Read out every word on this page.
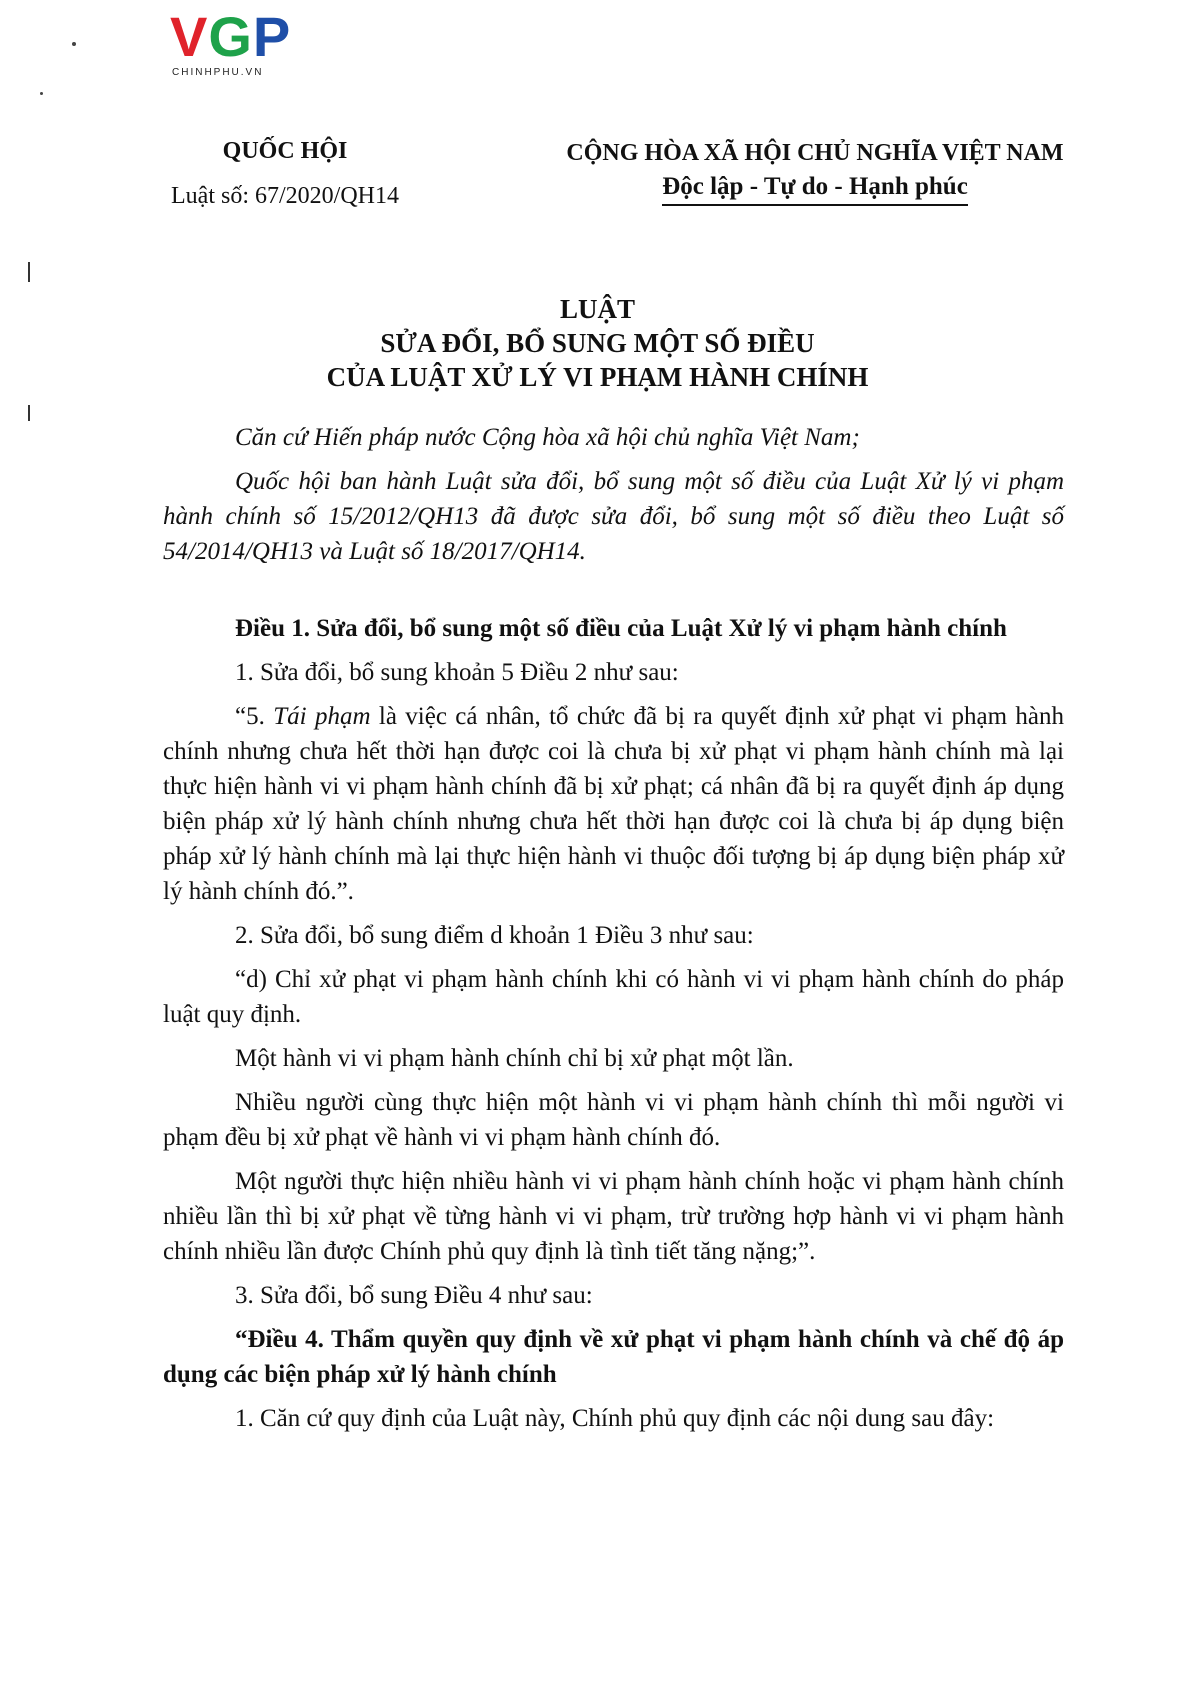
VGP
CHINHPHU.VN
QUỐC HỘI
Luật số: 67/2020/QH14
CỘNG HÒA XÃ HỘI CHỦ NGHĨA VIỆT NAM
Độc lập - Tự do - Hạnh phúc
LUẬT
SỬA ĐỔI, BỔ SUNG MỘT SỐ ĐIỀU
CỦA LUẬT XỬ LÝ VI PHẠM HÀNH CHÍNH

Căn cứ Hiến pháp nước Cộng hòa xã hội chủ nghĩa Việt Nam;

Quốc hội ban hành Luật sửa đổi, bổ sung một số điều của Luật Xử lý vi phạm hành chính số 15/2012/QH13 đã được sửa đổi, bổ sung một số điều theo Luật số 54/2014/QH13 và Luật số 18/2017/QH14.

Điều 1. Sửa đổi, bổ sung một số điều của Luật Xử lý vi phạm hành chính

1. Sửa đổi, bổ sung khoản 5 Điều 2 như sau:

“5. Tái phạm là việc cá nhân, tổ chức đã bị ra quyết định xử phạt vi phạm hành chính nhưng chưa hết thời hạn được coi là chưa bị xử phạt vi phạm hành chính mà lại thực hiện hành vi vi phạm hành chính đã bị xử phạt; cá nhân đã bị ra quyết định áp dụng biện pháp xử lý hành chính nhưng chưa hết thời hạn được coi là chưa bị áp dụng biện pháp xử lý hành chính mà lại thực hiện hành vi thuộc đối tượng bị áp dụng biện pháp xử lý hành chính đó.”.

2. Sửa đổi, bổ sung điểm d khoản 1 Điều 3 như sau:

“d) Chỉ xử phạt vi phạm hành chính khi có hành vi vi phạm hành chính do pháp luật quy định.

Một hành vi vi phạm hành chính chỉ bị xử phạt một lần.

Nhiều người cùng thực hiện một hành vi vi phạm hành chính thì mỗi người vi phạm đều bị xử phạt về hành vi vi phạm hành chính đó.

Một người thực hiện nhiều hành vi vi phạm hành chính hoặc vi phạm hành chính nhiều lần thì bị xử phạt về từng hành vi vi phạm, trừ trường hợp hành vi vi phạm hành chính nhiều lần được Chính phủ quy định là tình tiết tăng nặng;”.

3. Sửa đổi, bổ sung Điều 4 như sau:

“Điều 4. Thẩm quyền quy định về xử phạt vi phạm hành chính và chế độ áp dụng các biện pháp xử lý hành chính

1. Căn cứ quy định của Luật này, Chính phủ quy định các nội dung sau đây:
